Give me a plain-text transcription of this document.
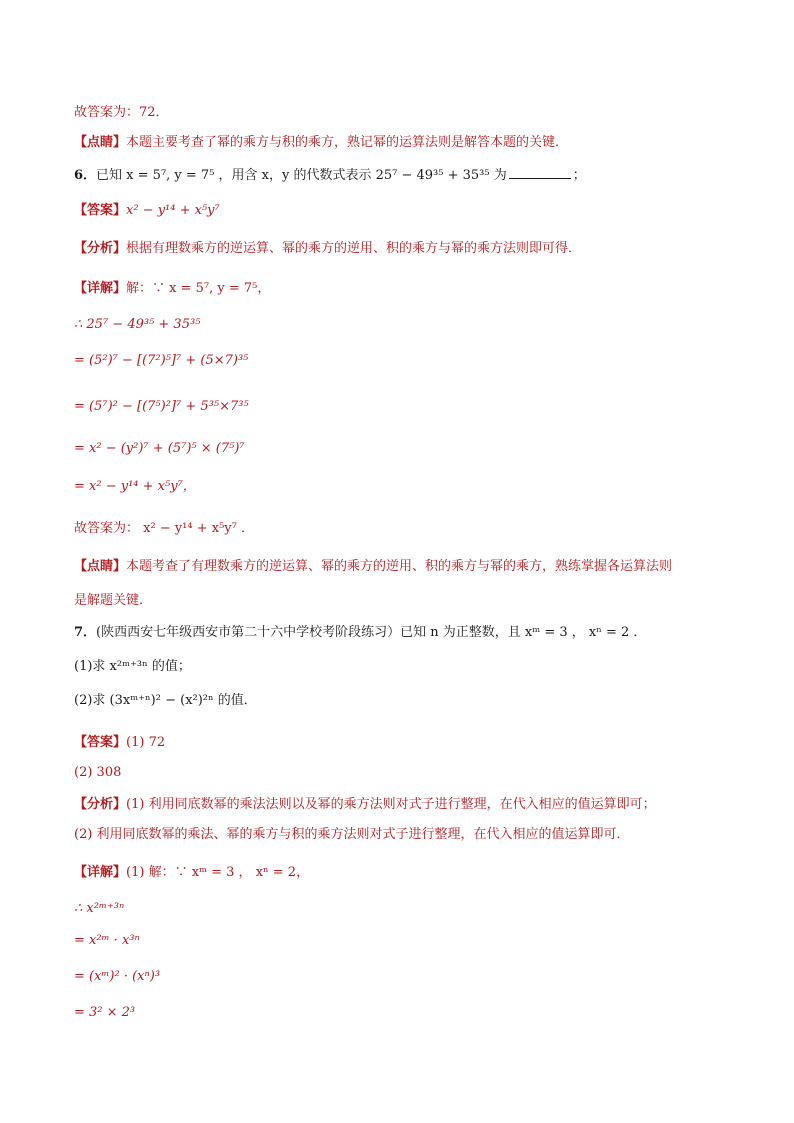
故答案为：72．
【点睛】本题主要考查了幂的乘方与积的乘方，熟记幂的运算法则是解答本题的关键．
6．已知 x = 5⁷, y = 7⁵ ，用含 x，y 的代数式表示 25⁷ − 49³⁵ + 35³⁵ 为	；
【答案】x² − y¹⁴ + x⁵y⁷
【分析】根据有理数乘方的逆运算、幂的乘方的逆用、积的乘方与幂的乘方法则即可得．
【详解】解：∵ x = 5⁷, y = 7⁵，
∴ 25⁷ − 49³⁵ + 35³⁵
= (5²)⁷ − [(7²)⁵]⁷ + (5×7)³⁵
= (5⁷)² − [(7⁵)²]⁷ + 5³⁵×7³⁵
= x² − (y²)⁷ + (5⁷)⁵ × (7⁵)⁷
= x² − y¹⁴ + x⁵y⁷，
故答案为： x² − y¹⁴ + x⁵y⁷ ．
【点睛】本题考查了有理数乘方的逆运算、幂的乘方的逆用、积的乘方与幂的乘方，熟练掌握各运算法则
是解题关键．
7．(陕西西安七年级西安市第二十六中学校考阶段练习）已知 n 为正整数，且 xᵐ = 3 ， xⁿ = 2 ．
(1)求 x²ᵐ⁺³ⁿ 的值；
(2)求 (3xᵐ⁺ⁿ)² − (x²)²ⁿ 的值．
【答案】(1) 72
(2) 308
【分析】(1) 利用同底数幂的乘法法则以及幂的乘方法则对式子进行整理，在代入相应的值运算即可；
(2) 利用同底数幂的乘法、幂的乘方与积的乘方法则对式子进行整理，在代入相应的值运算即可．
【详解】(1) 解：∵ xᵐ = 3 ， xⁿ = 2，
∴ x²ᵐ⁺³ⁿ
= x²ᵐ · x³ⁿ
= (xᵐ)² · (xⁿ)³
= 3² × 2³
